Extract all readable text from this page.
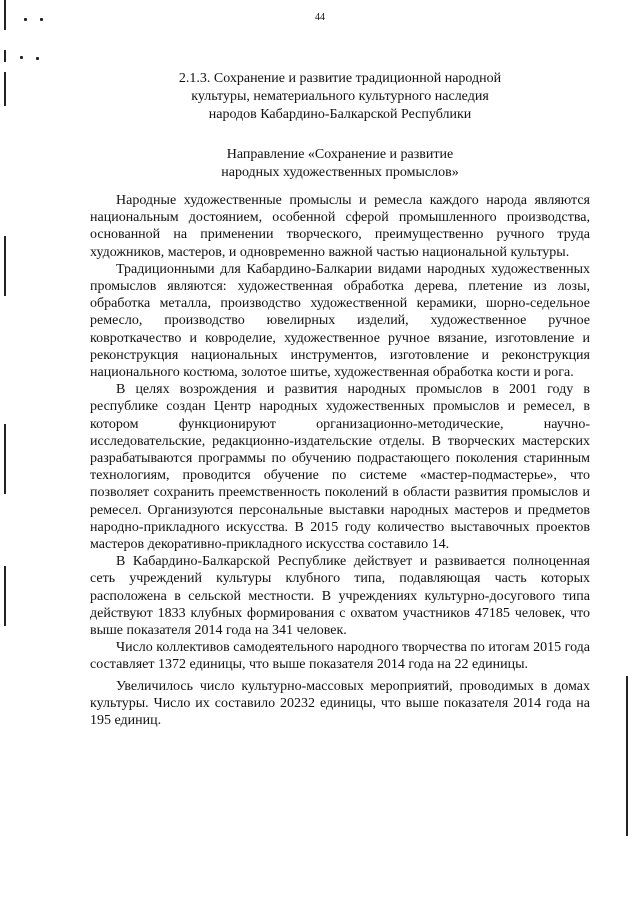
44
2.1.3. Сохранение и развитие традиционной народной
культуры, нематериального культурного наследия
народов Кабардино-Балкарской Республики
Направление «Сохранение и развитие
народных художественных промыслов»

Народные художественные промыслы и ремесла каждого народа являются национальным достоянием, особенной сферой промышленного производства, основанной на применении творческого, преимущественно ручного труда художников, мастеров, и одновременно важной частью национальной культуры.

Традиционными для Кабардино-Балкарии видами народных художественных промыслов являются: художественная обработка дерева, плетение из лозы, обработка металла, производство художественной керамики, шорно-седельное ремесло, производство ювелирных изделий, художественное ручное ковроткачество и ковроделие, художественное ручное вязание, изготовление и реконструкция национальных инструментов, изготовление и реконструкция национального костюма, золотое шитье, художественная обработка кости и рога.

В целях возрождения и развития народных промыслов в 2001 году в республике создан Центр народных художественных промыслов и ремесел, в котором функционируют организационно-методические, научно-исследовательские, редакционно-издательские отделы. В творческих мастерских разрабатываются программы по обучению подрастающего поколения старинным технологиям, проводится обучение по системе «мастер-подмастерье», что позволяет сохранить преемственность поколений в области развития промыслов и ремесел. Организуются персональные выставки народных мастеров и предметов народно-прикладного искусства. В 2015 году количество выставочных проектов мастеров декоративно-прикладного искусства составило 14.

В Кабардино-Балкарской Республике действует и развивается полноценная сеть учреждений культуры клубного типа, подавляющая часть которых расположена в сельской местности. В учреждениях культурно-досугового типа действуют 1833 клубных формирования с охватом участников 47185 человек, что выше показателя 2014 года на 341 человек.

Число коллективов самодеятельного народного творчества по итогам 2015 года составляет 1372 единицы, что выше показателя 2014 года на 22 единицы.

Увеличилось число культурно-массовых мероприятий, проводимых в домах культуры. Число их составило 20232 единицы, что выше показателя 2014 года на 195 единиц.
